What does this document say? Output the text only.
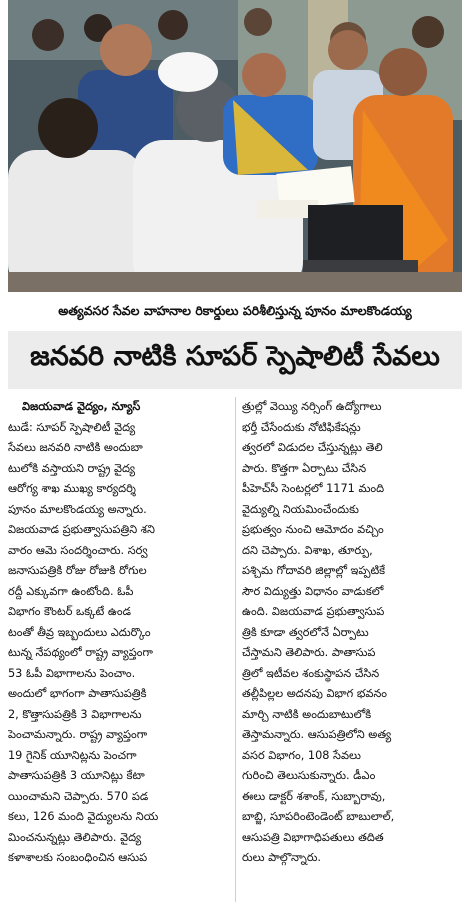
అత్యవసర సేవల వాహనాల రికార్డులు పరిశీలిస్తున్న పూనం మాలకొండయ్య
జనవరి నాటికి సూపర్ స్పెషాలిటీ సేవలు
విజయవాడ వైద్యం, న్యూస్
టుడే: సూపర్ స్పెషాలిటీ వైద్య
సేవలు జనవరి నాటికి అందుబా
టులోకి వస్తాయని రాష్ట్ర వైద్య
ఆరోగ్య శాఖ ముఖ్య కార్యదర్శి
పూనం మాలకొండయ్య అన్నారు.
విజయవాడ ప్రభుత్వాసుపత్రిని శని
వారం ఆమె సందర్శించారు. సర్వ
జనాసుపత్రికి రోజు రోజుకి రోగుల
రద్దీ ఎక్కువగా ఉంటోంది. ఓపీ
విభాగం కౌంటర్ ఒక్కటే ఉండ
టంతో తీవ్ర ఇబ్బందులు ఎదుర్కొం
టున్న నేపథ్యంలో రాష్ట్ర వ్యాప్తంగా
53 ఓపీ విభాగాలను పెంచాం.
అందులో భాగంగా పాతాసుపత్రికి
2, కొత్తాసుపత్రికి 3 విభాగాలను
పెంచామన్నారు. రాష్ట్ర వ్యాప్తంగా
19 గైనిక్ యూనిట్లను పెంచగా
పాతాసుపత్రికి 3 యూనిట్లు కేటా
యించామని చెప్పారు. 570 పడ
కలు, 126 మంది వైద్యులను నియ
మించనున్నట్లు తెలిపారు. వైద్య
కళాశాలకు సంబంధించిన ఆసుప
త్రుల్లో వెయ్యి నర్సింగ్ ఉద్యోగాలు
భర్తీ చేసేందుకు నోటిఫికేషన్లు
త్వరలో విడుదల చేస్తున్నట్లు తెలి
పారు. కొత్తగా ఏర్పాటు చేసిన
పీహెచ్‌సీ సెంటర్లలో 1171 మంది
వైద్యుల్ని నియమించేందుకు
ప్రభుత్వం నుంచి ఆమోదం వచ్చిం
దని చెప్పారు. విశాఖ, తూర్పు,
పశ్చిమ గోదావరి జిల్లాల్లో ఇప్పటికే
సౌర విద్యుత్తు విధానం వాడుకలో
ఉంది. విజయవాడ ప్రభుత్వాసుప
త్రికి కూడా త్వరలోనే ఏర్పాటు
చేస్తామని తెలిపారు. పాతాసుప
త్రిలో ఇటీవల శంకుస్థాపన చేసిన
తల్లీపిల్లల అదనపు విభాగ భవనం
మార్చి నాటికి అందుబాటులోకి
తెస్తామన్నారు. ఆసుపత్రిలోని అత్య
వసర విభాగం, 108 సేవలు
గురించి తెలుసుకున్నారు. డీఎం
ఈలు డాక్టర్ శశాంక్, సుబ్బారావు,
బాబ్జి, సూపరింటెండెంట్ బాబులాల్,
ఆసుపత్రి విభాగాధిపతులు తదిత
రులు పాల్గొన్నారు.
